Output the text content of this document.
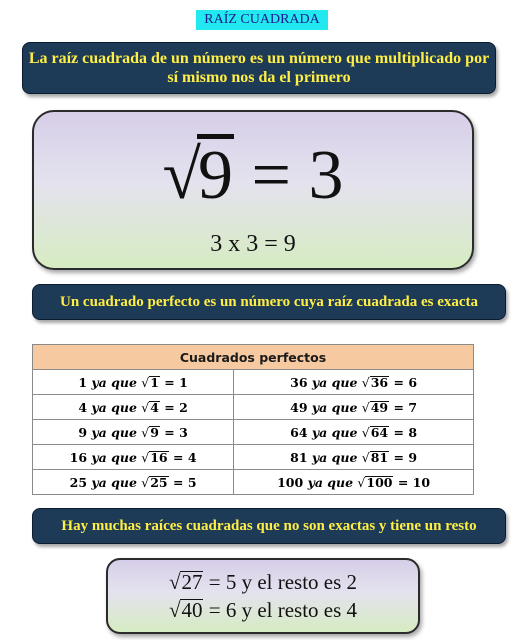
RAÍZ CUADRADA
La raíz cuadrada de un número es un número que multiplicado por sí mismo nos da el primero
√9 = 3
3 x 3 = 9
Un cuadrado perfecto es un número cuya raíz cuadrada es exacta
Cuadrados perfectos	
1 ya que √1 = 1	36 ya que √36 = 6
4 ya que √4 = 2	49 ya que √49 = 7
9 ya que √9 = 3	64 ya que √64 = 8
16 ya que √16 = 4	81 ya que √81 = 9
25 ya que √25 = 5	100 ya que √100 = 10
Hay muchas raíces cuadradas que no son exactas y tiene un resto
√27 = 5 y el resto es 2
√40 = 6 y el resto es 4
